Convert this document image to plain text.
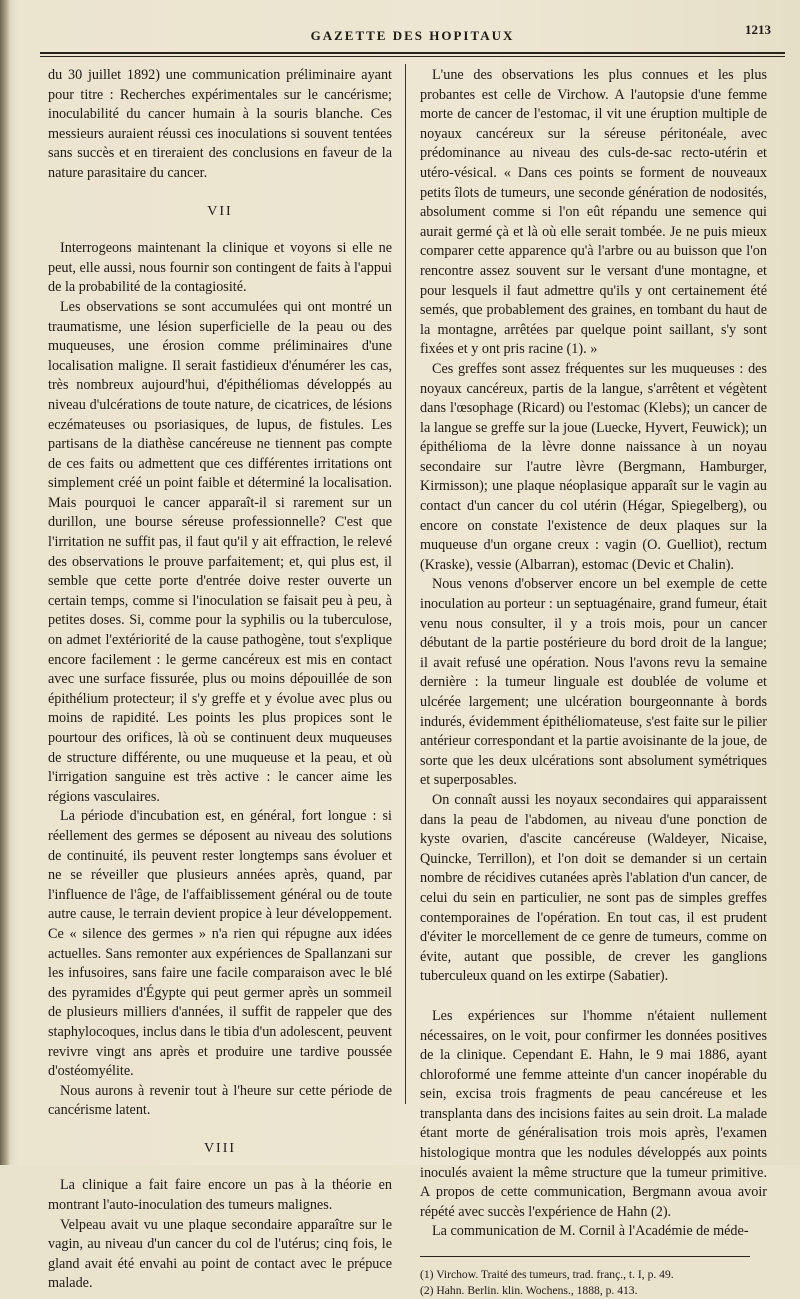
GAZETTE DES HOPITAUX	1213

du 30 juillet 1892) une communication préliminaire ayant pour titre : Recherches expérimentales sur le cancérisme; inoculabilité du cancer humain à la souris blanche. Ces messieurs auraient réussi ces inoculations si souvent tentées sans succès et en tireraient des conclusions en faveur de la nature parasitaire du cancer.

VII

Interrogeons maintenant la clinique et voyons si elle ne peut, elle aussi, nous fournir son contingent de faits à l'appui de la probabilité de la contagiosité.

Les observations se sont accumulées qui ont montré un traumatisme, une lésion superficielle de la peau ou des muqueuses, une érosion comme préliminaires d'une localisation maligne. Il serait fastidieux d'énumérer les cas, très nombreux aujourd'hui, d'épithéliomas développés au niveau d'ulcérations de toute nature, de cicatrices, de lésions eczémateuses ou psoriasiques, de lupus, de fistules. Les partisans de la diathèse cancéreuse ne tiennent pas compte de ces faits ou admettent que ces différentes irritations ont simplement créé un point faible et déterminé la localisation. Mais pourquoi le cancer apparaît-il si rarement sur un durillon, une bourse séreuse professionnelle? C'est que l'irritation ne suffit pas, il faut qu'il y ait effraction, le relevé des observations le prouve parfaitement; et, qui plus est, il semble que cette porte d'entrée doive rester ouverte un certain temps, comme si l'inoculation se faisait peu à peu, à petites doses. Si, comme pour la syphilis ou la tuberculose, on admet l'extériorité de la cause pathogène, tout s'explique encore facilement : le germe cancéreux est mis en contact avec une surface fissurée, plus ou moins dépouillée de son épithélium protecteur; il s'y greffe et y évolue avec plus ou moins de rapidité. Les points les plus propices sont le pourtour des orifices, là où se continuent deux muqueuses de structure différente, ou une muqueuse et la peau, et où l'irrigation sanguine est très active : le cancer aime les régions vasculaires.

La période d'incubation est, en général, fort longue : si réellement des germes se déposent au niveau des solutions de continuité, ils peuvent rester longtemps sans évoluer et ne se réveiller que plusieurs années après, quand, par l'influence de l'âge, de l'affaiblissement général ou de toute autre cause, le terrain devient propice à leur développement. Ce « silence des germes » n'a rien qui répugne aux idées actuelles. Sans remonter aux expériences de Spallanzani sur les infusoires, sans faire une facile comparaison avec le blé des pyramides d'Égypte qui peut germer après un sommeil de plusieurs milliers d'années, il suffit de rappeler que des staphylocoques, inclus dans le tibia d'un adolescent, peuvent revivre vingt ans après et produire une tardive poussée d'ostéomyélite.

Nous aurons à revenir tout à l'heure sur cette période de cancérisme latent.

VIII

La clinique a fait faire encore un pas à la théorie en montrant l'auto-inoculation des tumeurs malignes.

Velpeau avait vu une plaque secondaire apparaître sur le vagin, au niveau d'un cancer du col de l'utérus; cinq fois, le gland avait été envahi au point de contact avec le prépuce malade.

L'une des observations les plus connues et les plus probantes est celle de Virchow. A l'autopsie d'une femme morte de cancer de l'estomac, il vit une éruption multiple de noyaux cancéreux sur la séreuse péritonéale, avec prédominance au niveau des culs-de-sac recto-utérin et utéro-vésical. « Dans ces points se forment de nouveaux petits îlots de tumeurs, une seconde génération de nodosités, absolument comme si l'on eût répandu une semence qui aurait germé çà et là où elle serait tombée. Je ne puis mieux comparer cette apparence qu'à l'arbre ou au buisson que l'on rencontre assez souvent sur le versant d'une montagne, et pour lesquels il faut admettre qu'ils y ont certainement été semés, que probablement des graines, en tombant du haut de la montagne, arrêtées par quelque point saillant, s'y sont fixées et y ont pris racine (1). »

Ces greffes sont assez fréquentes sur les muqueuses : des noyaux cancéreux, partis de la langue, s'arrêtent et végètent dans l'œsophage (Ricard) ou l'estomac (Klebs); un cancer de la langue se greffe sur la joue (Luecke, Hyvert, Feuwick); un épithélioma de la lèvre donne naissance à un noyau secondaire sur l'autre lèvre (Bergmann, Hamburger, Kirmisson); une plaque néoplasique apparaît sur le vagin au contact d'un cancer du col utérin (Hégar, Spiegelberg), ou encore on constate l'existence de deux plaques sur la muqueuse d'un organe creux : vagin (O. Guelliot), rectum (Kraske), vessie (Albarran), estomac (Devic et Chalin).

Nous venons d'observer encore un bel exemple de cette inoculation au porteur : un septuagénaire, grand fumeur, était venu nous consulter, il y a trois mois, pour un cancer débutant de la partie postérieure du bord droit de la langue; il avait refusé une opération. Nous l'avons revu la semaine dernière : la tumeur linguale est doublée de volume et ulcérée largement; une ulcération bourgeonnante à bords indurés, évidemment épithéliomateuse, s'est faite sur le pilier antérieur correspondant et la partie avoisinante de la joue, de sorte que les deux ulcérations sont absolument symétriques et superposables.

On connaît aussi les noyaux secondaires qui apparaissent dans la peau de l'abdomen, au niveau d'une ponction de kyste ovarien, d'ascite cancéreuse (Waldeyer, Nicaise, Quincke, Terrillon), et l'on doit se demander si un certain nombre de récidives cutanées après l'ablation d'un cancer, de celui du sein en particulier, ne sont pas de simples greffes contemporaines de l'opération. En tout cas, il est prudent d'éviter le morcellement de ce genre de tumeurs, comme on évite, autant que possible, de crever les ganglions tuberculeux quand on les extirpe (Sabatier).

Les expériences sur l'homme n'étaient nullement nécessaires, on le voit, pour confirmer les données positives de la clinique. Cependant E. Hahn, le 9 mai 1886, ayant chloroformé une femme atteinte d'un cancer inopérable du sein, excisa trois fragments de peau cancéreuse et les transplanta dans des incisions faites au sein droit. La malade étant morte de généralisation trois mois après, l'examen histologique montra que les nodules développés aux points inoculés avaient la même structure que la tumeur primitive. A propos de cette communication, Bergmann avoua avoir répété avec succès l'expérience de Hahn (2).

La communication de M. Cornil à l'Académie de méde-

(1) Virchow. Traité des tumeurs, trad. franç., t. I, p. 49.
(2) Hahn. Berlin. klin. Wochens., 1888, p. 413.
